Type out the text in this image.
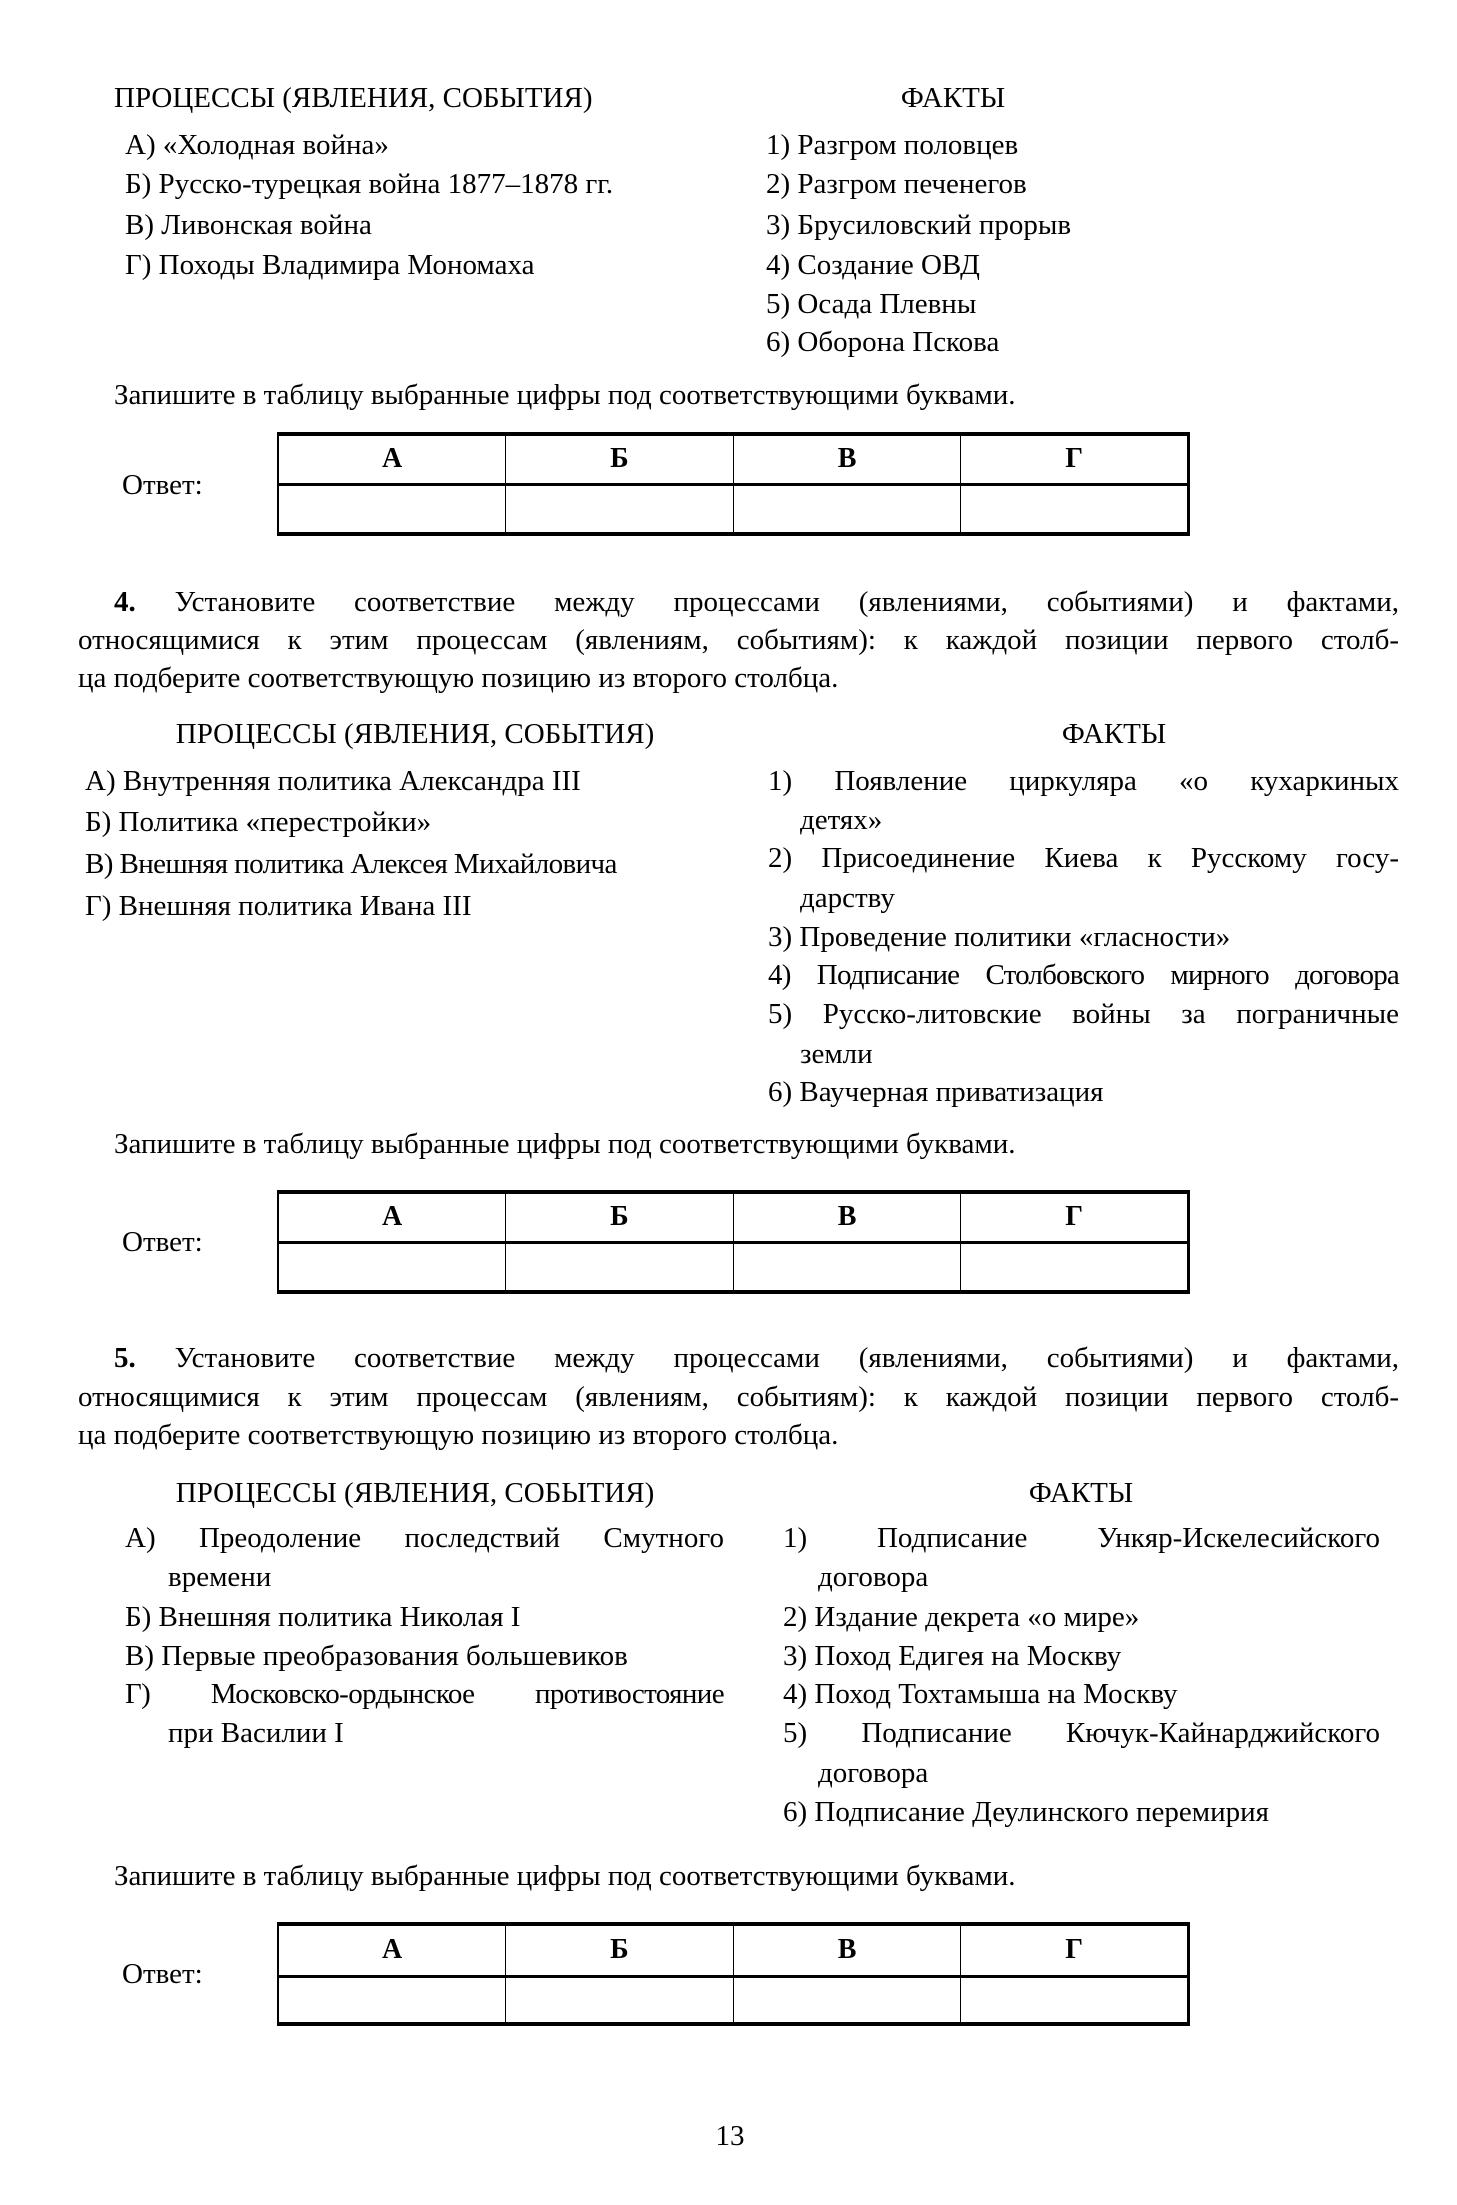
ПРОЦЕССЫ (ЯВЛЕНИЯ, СОБЫТИЯ)	ФАКТЫ
А) «Холодная война»
Б) Русско-турецкая война 1877–1878 гг.
В) Ливонская война
Г) Походы Владимира Мономаха
1) Разгром половцев
2) Разгром печенегов
3) Брусиловский прорыв
4) Создание ОВД
5) Осада Плевны
6) Оборона Пскова
Запишите в таблицу выбранные цифры под соответствующими буквами.
Ответ:
А	Б	В	Г

4. Установите соответствие между процессами (явлениями, событиями) и фактами,
относящимися к этим процессам (явлениям, событиям): к каждой позиции первого столб-
ца подберите соответствующую позицию из второго столбца.
ПРОЦЕССЫ (ЯВЛЕНИЯ, СОБЫТИЯ)	ФАКТЫ
А) Внутренняя политика Александра III
Б) Политика «перестройки»
В) Внешняя политика Алексея Михайловича
Г) Внешняя политика Ивана III
1) Появление циркуляра «о кухаркиных
детях»
2) Присоединение Киева к Русскому госу-
дарству
3) Проведение политики «гласности»
4) Подписание Столбовского мирного договора
5) Русско-литовские войны за пограничные
земли
6) Ваучерная приватизация
Запишите в таблицу выбранные цифры под соответствующими буквами.
Ответ:
А	Б	В	Г

5. Установите соответствие между процессами (явлениями, событиями) и фактами,
относящимися к этим процессам (явлениям, событиям): к каждой позиции первого столб-
ца подберите соответствующую позицию из второго столбца.
ПРОЦЕССЫ (ЯВЛЕНИЯ, СОБЫТИЯ)	ФАКТЫ
А) Преодоление последствий Смутного
времени
Б) Внешняя политика Николая I
В) Первые преобразования большевиков
Г) Московско-ордынское противостояние
при Василии I
1) Подписание Ункяр-Искелесийского
договора
2) Издание декрета «о мире»
3) Поход Едигея на Москву
4) Поход Тохтамыша на Москву
5) Подписание Кючук-Кайнарджийского
договора
6) Подписание Деулинского перемирия
Запишите в таблицу выбранные цифры под соответствующими буквами.
Ответ:
А	Б	В	Г

13
